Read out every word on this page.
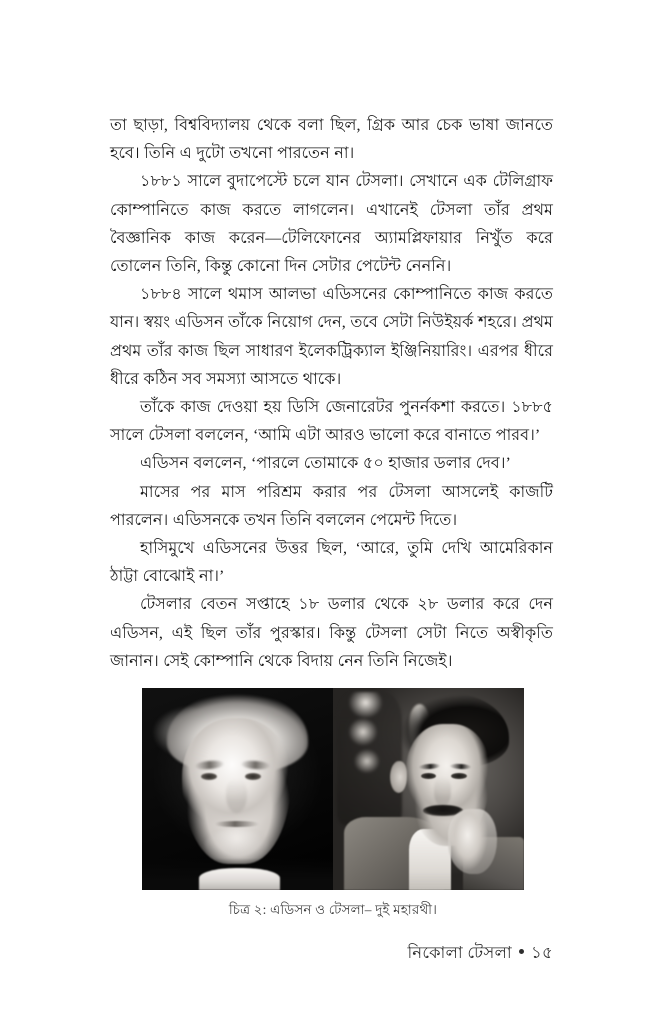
তা ছাড়া, বিশ্ববিদ্যালয় থেকে বলা ছিল, গ্রিক আর চেক ভাষা জানতে হবে। তিনি এ দুটো তখনো পারতেন না।

১৮৮১ সালে বুদাপেস্টে চলে যান টেসলা। সেখানে এক টেলিগ্রাফ কোম্পানিতে কাজ করতে লাগলেন। এখানেই টেসলা তাঁর প্রথম বৈজ্ঞানিক কাজ করেন—টেলিফোনের অ্যামপ্লিফায়ার নিখুঁত করে তোলেন তিনি, কিন্তু কোনো দিন সেটার পেটেন্ট নেননি।

১৮৮৪ সালে থমাস আলভা এডিসনের কোম্পানিতে কাজ করতে যান। স্বয়ং এডিসন তাঁকে নিয়োগ দেন, তবে সেটা নিউইয়র্ক শহরে। প্রথম প্রথম তাঁর কাজ ছিল সাধারণ ইলেকট্রিক্যাল ইঞ্জিনিয়ারিং। এরপর ধীরে ধীরে কঠিন সব সমস্যা আসতে থাকে।

তাঁকে কাজ দেওয়া হয় ডিসি জেনারেটর পুনর্নকশা করতে। ১৮৮৫ সালে টেসলা বললেন, ‘আমি এটা আরও ভালো করে বানাতে পারব।’

এডিসন বললেন, ‘পারলে তোমাকে ৫০ হাজার ডলার দেব।’

মাসের পর মাস পরিশ্রম করার পর টেসলা আসলেই কাজটি পারলেন। এডিসনকে তখন তিনি বললেন পেমেন্ট দিতে।

হাসিমুখে এডিসনের উত্তর ছিল, ‘আরে, তুমি দেখি আমেরিকান ঠাট্টা বোঝোই না।’

টেসলার বেতন সপ্তাহে ১৮ ডলার থেকে ২৮ ডলার করে দেন এডিসন, এই ছিল তাঁর পুরস্কার। কিন্তু টেসলা সেটা নিতে অস্বীকৃতি জানান। সেই কোম্পানি থেকে বিদায় নেন তিনি নিজেই।

চিত্র ২: এডিসন ও টেসলা– দুই মহারথী।
নিকোলা টেসলা ১৫
